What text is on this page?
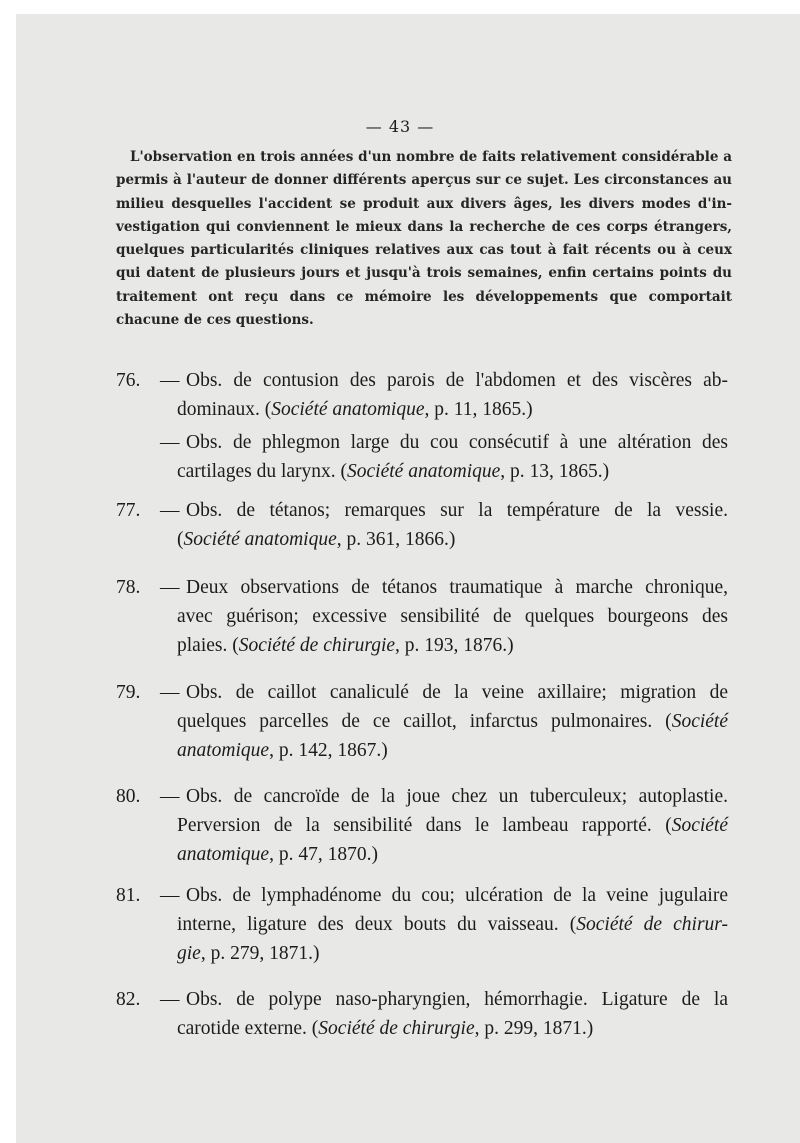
— 43 —
L'observation en trois années d'un nombre de faits relativement considérable a permis à l'auteur de donner différents aperçus sur ce sujet. Les circonstances au milieu desquelles l'accident se produit aux divers âges, les divers modes d'in- vestigation qui conviennent le mieux dans la recherche de ces corps étrangers, quelques particularités cliniques relatives aux cas tout à fait récents ou à ceux qui datent de plusieurs jours et jusqu'à trois semaines, enfin certains points du traitement ont reçu dans ce mémoire les développements que comportait chacune de ces questions.
76.	— Obs. de contusion des parois de l'abdomen et des viscères ab-
dominaux. (Société anatomique, p. 11, 1865.)
— Obs. de phlegmon large du cou consécutif à une altération des
cartilages du larynx. (Société anatomique, p. 13, 1865.)
77.	— Obs. de tétanos; remarques sur la température de la vessie.
(Société anatomique, p. 361, 1866.)
78.	— Deux observations de tétanos traumatique à marche chronique,
avec guérison; excessive sensibilité de quelques bourgeons des
plaies. (Société de chirurgie, p. 193, 1876.)
79.	— Obs. de caillot canaliculé de la veine axillaire; migration de
quelques parcelles de ce caillot, infarctus pulmonaires. (Société
anatomique, p. 142, 1867.)
80.	— Obs. de cancroïde de la joue chez un tuberculeux; autoplastie.
Perversion de la sensibilité dans le lambeau rapporté. (Société
anatomique, p. 47, 1870.)
81.	— Obs. de lymphadénome du cou; ulcération de la veine jugulaire
interne, ligature des deux bouts du vaisseau. (Société de chirur-
gie, p. 279, 1871.)
82.	— Obs. de polype naso-pharyngien, hémorrhagie. Ligature de la
carotide externe. (Société de chirurgie, p. 299, 1871.)
